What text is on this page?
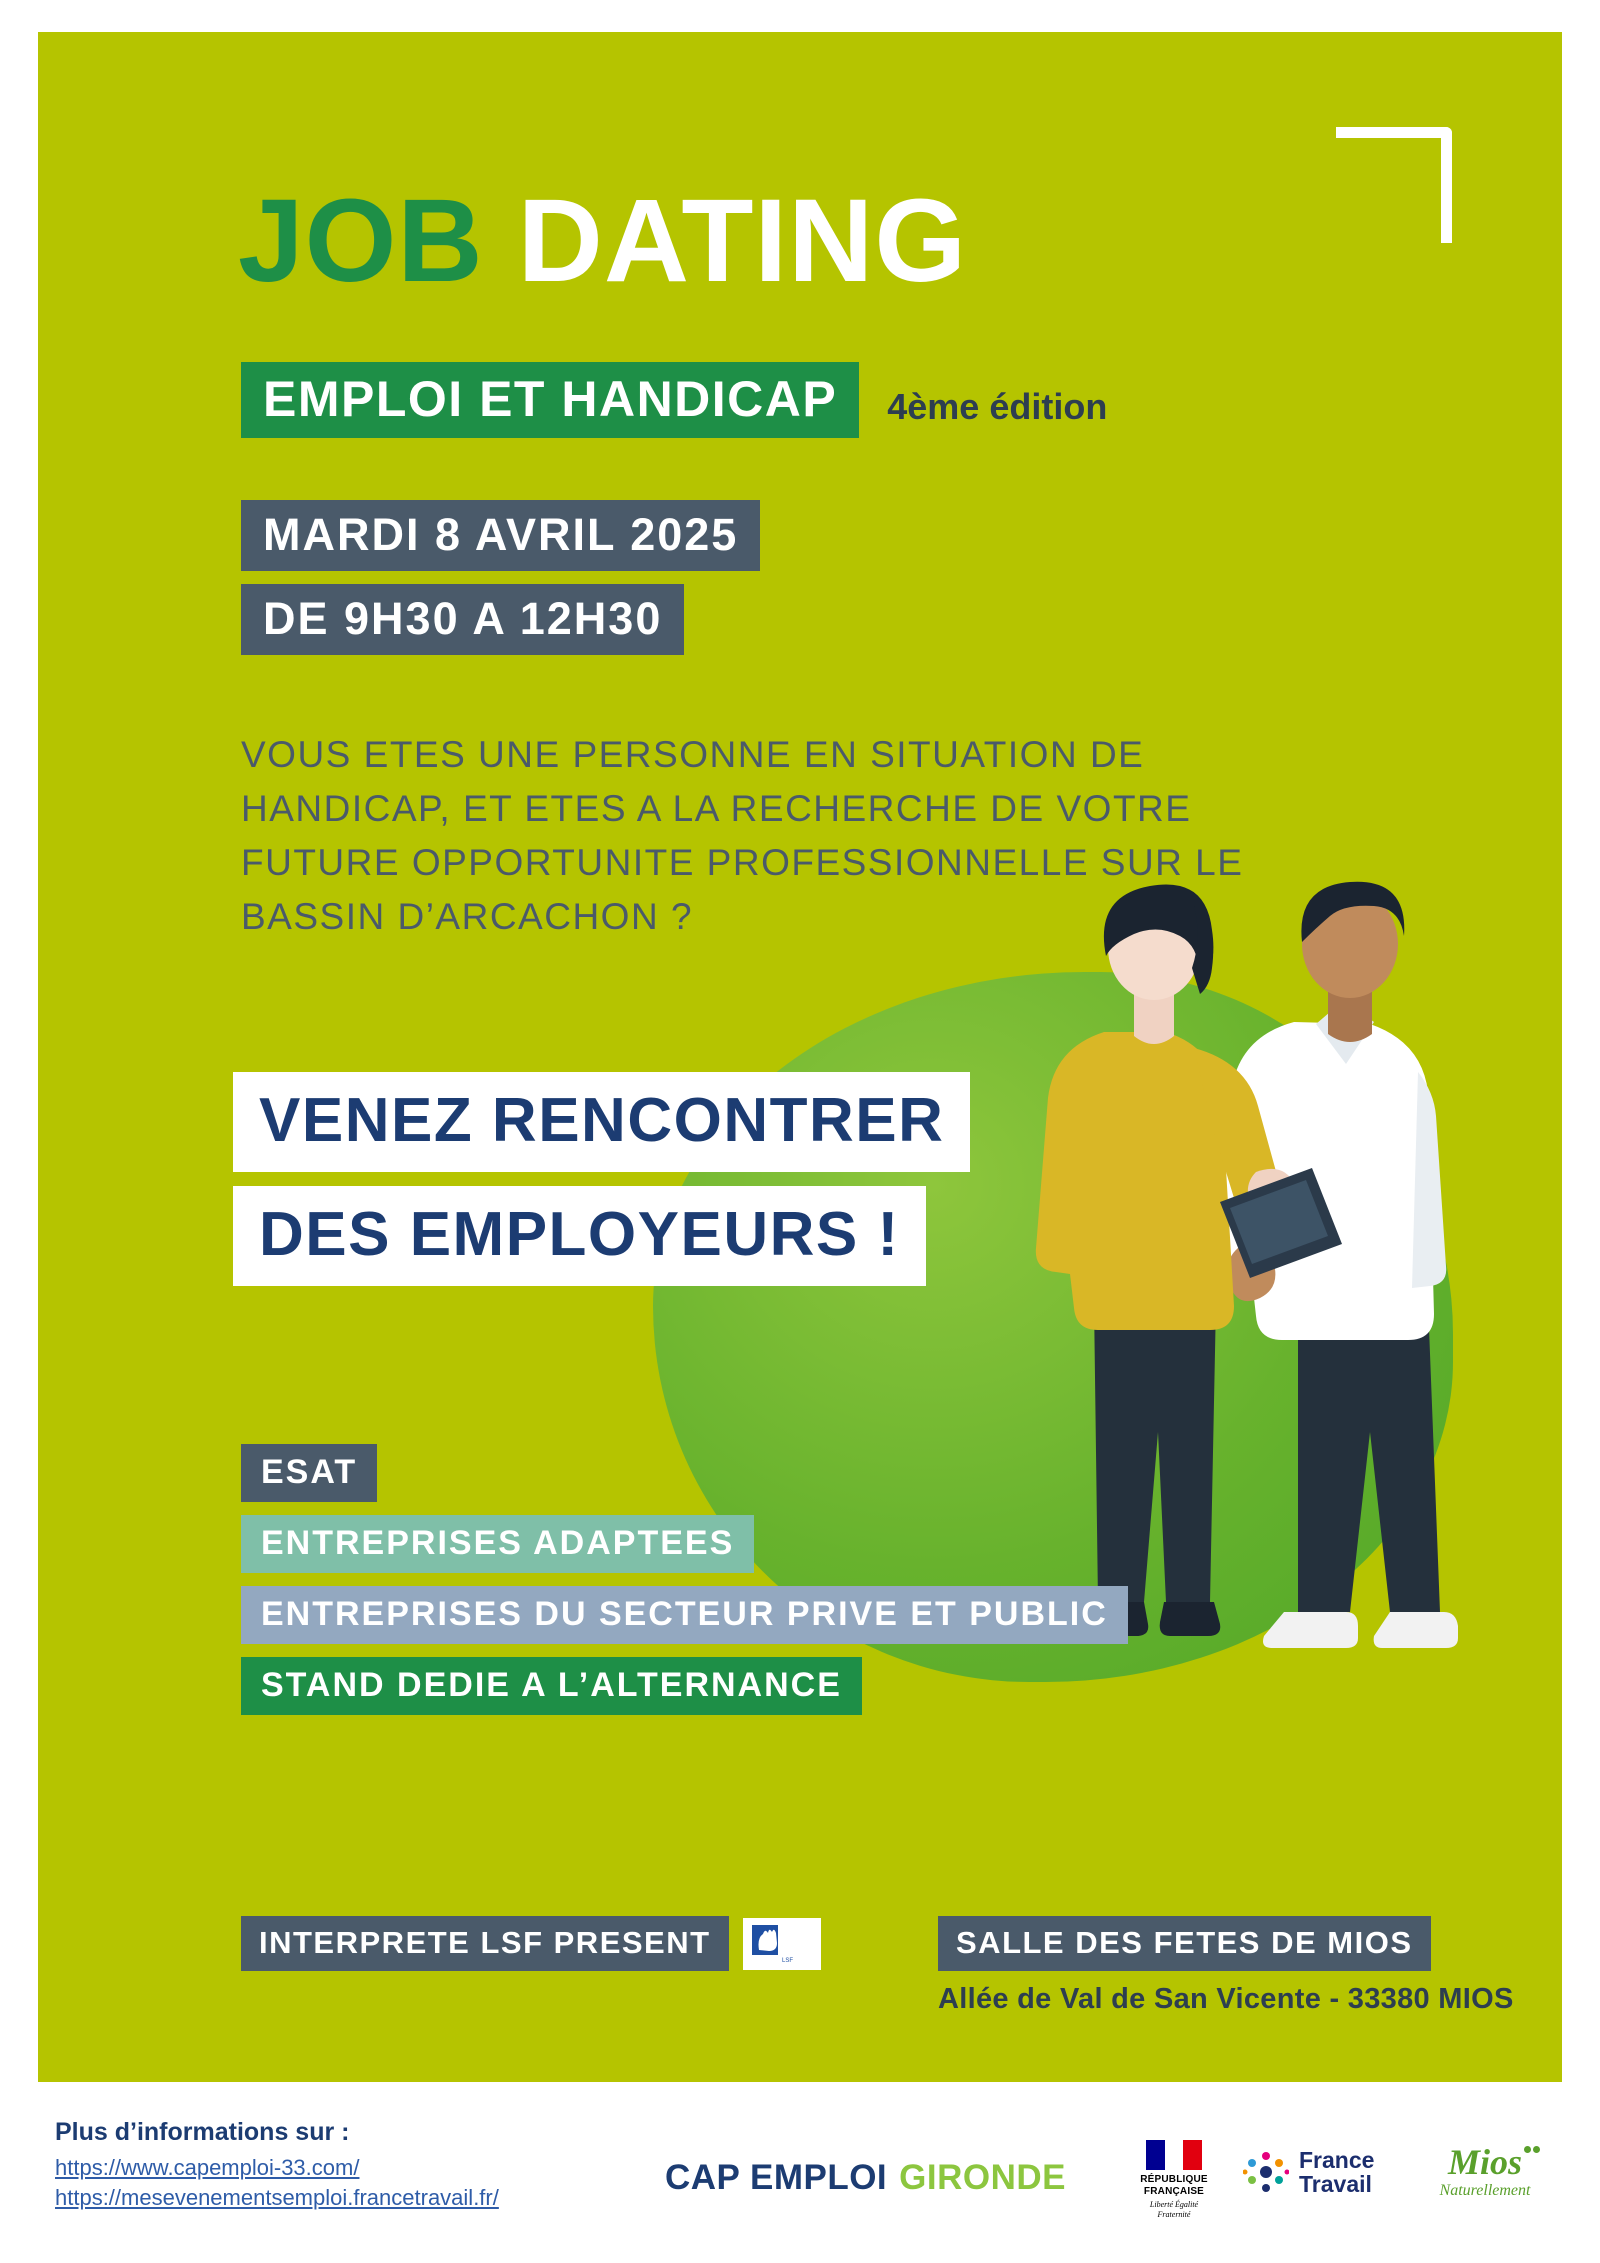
JOB DATING
EMPLOI ET HANDICAP	4ème édition
MARDI 8 AVRIL 2025
DE 9H30 A 12H30
VOUS ETES UNE PERSONNE EN SITUATION DE HANDICAP, ET ETES A LA RECHERCHE DE VOTRE FUTURE OPPORTUNITE PROFESSIONNELLE SUR LE BASSIN D’ARCACHON ?
VENEZ RENCONTRER
DES EMPLOYEURS !
ESAT
ENTREPRISES ADAPTEES
ENTREPRISES DU SECTEUR PRIVE ET PUBLIC
STAND DEDIE A L’ALTERNANCE
INTERPRETE LSF PRESENT
LSF
SALLE DES FETES DE MIOS
Allée de Val de San Vicente - 33380 MIOS
Plus d’informations sur :
https://www.capemploi-33.com/
https://mesevenementsemploi.francetravail.fr/
CAP EMPLOI GIRONDE	RÉPUBLIQUE FRANÇAISE
Liberté Égalité Fraternité
France
Travail
Mios
Naturellement
